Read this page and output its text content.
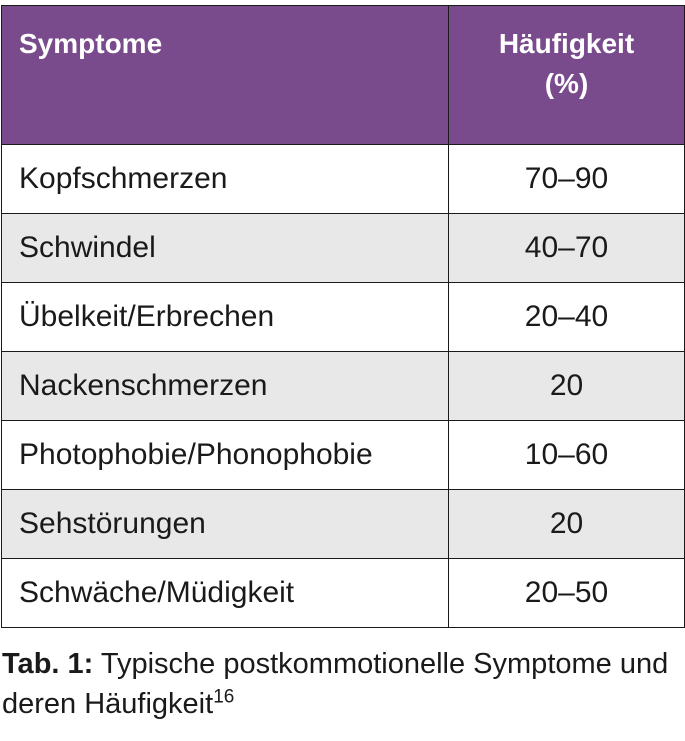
Symptome	Häufigkeit
(%)
Kopfschmerzen	70–90
Schwindel	40–70
Übelkeit/Erbrechen	20–40
Nackenschmerzen	20
Photophobie/Phonophobie	10–60
Sehstörungen	20
Schwäche/Müdigkeit	20–50
Tab. 1: Typische postkommotionelle Symptome und deren Häufigkeit$^{16}$
